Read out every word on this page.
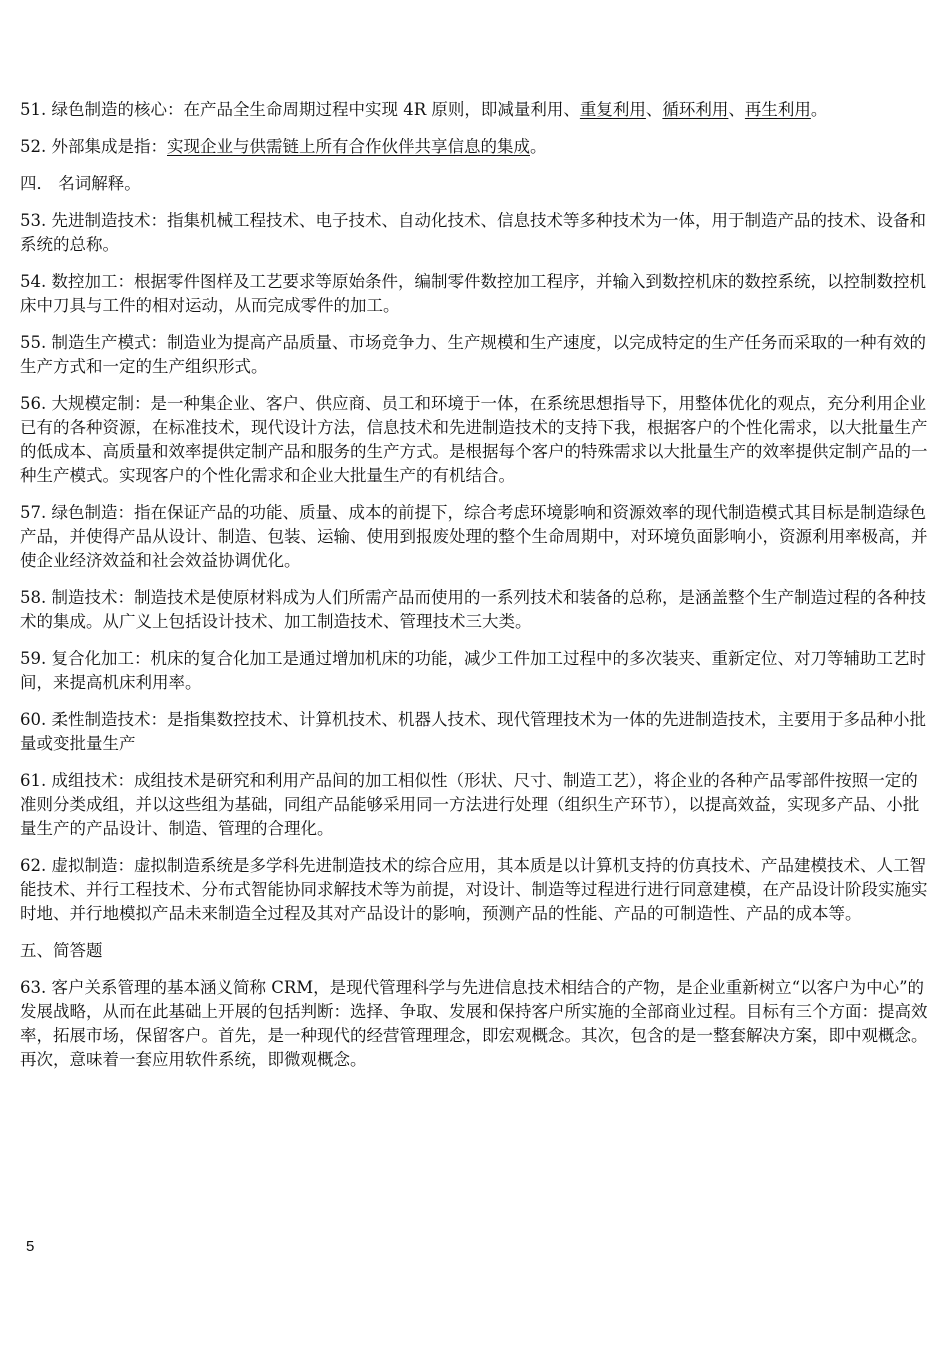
51. 绿色制造的核心：在产品全生命周期过程中实现 4R 原则，即减量利用、重复利用、循环利用、再生利用。

52. 外部集成是指：实现企业与供需链上所有合作伙伴共享信息的集成。

四． 名词解释。

53. 先进制造技术：指集机械工程技术、电子技术、自动化技术、信息技术等多种技术为一体，用于制造产品的技术、设备和系统的总称。

54. 数控加工：根据零件图样及工艺要求等原始条件，编制零件数控加工程序，并输入到数控机床的数控系统，以控制数控机床中刀具与工件的相对运动，从而完成零件的加工。

55. 制造生产模式：制造业为提高产品质量、市场竞争力、生产规模和生产速度，以完成特定的生产任务而采取的一种有效的生产方式和一定的生产组织形式。

56. 大规模定制：是一种集企业、客户、供应商、员工和环境于一体，在系统思想指导下，用整体优化的观点，充分利用企业已有的各种资源，在标准技术，现代设计方法，信息技术和先进制造技术的支持下我，根据客户的个性化需求，以大批量生产的低成本、高质量和效率提供定制产品和服务的生产方式。是根据每个客户的特殊需求以大批量生产的效率提供定制产品的一种生产模式。实现客户的个性化需求和企业大批量生产的有机结合。

57. 绿色制造：指在保证产品的功能、质量、成本的前提下，综合考虑环境影响和资源效率的现代制造模式其目标是制造绿色产品，并使得产品从设计、制造、包装、运输、使用到报废处理的整个生命周期中，对环境负面影响小，资源利用率极高，并使企业经济效益和社会效益协调优化。

58. 制造技术：制造技术是使原材料成为人们所需产品而使用的一系列技术和装备的总称，是涵盖整个生产制造过程的各种技术的集成。从广义上包括设计技术、加工制造技术、管理技术三大类。

59. 复合化加工：机床的复合化加工是通过增加机床的功能，减少工件加工过程中的多次装夹、重新定位、对刀等辅助工艺时间，来提高机床利用率。

60. 柔性制造技术：是指集数控技术、计算机技术、机器人技术、现代管理技术为一体的先进制造技术，主要用于多品种小批量或变批量生产

61. 成组技术：成组技术是研究和利用产品间的加工相似性（形状、尺寸、制造工艺），将企业的各种产品零部件按照一定的准则分类成组，并以这些组为基础，同组产品能够采用同一方法进行处理（组织生产环节），以提高效益，实现多产品、小批量生产的产品设计、制造、管理的合理化。

62. 虚拟制造：虚拟制造系统是多学科先进制造技术的综合应用，其本质是以计算机支持的仿真技术、产品建模技术、人工智能技术、并行工程技术、分布式智能协同求解技术等为前提，对设计、制造等过程进行进行同意建模，在产品设计阶段实施实时地、并行地模拟产品未来制造全过程及其对产品设计的影响，预测产品的性能、产品的可制造性、产品的成本等。

五、简答题

63. 客户关系管理的基本涵义简称 CRM，是现代管理科学与先进信息技术相结合的产物，是企业重新树立“以客户为中心”的发展战略，从而在此基础上开展的包括判断：选择、争取、发展和保持客户所实施的全部商业过程。目标有三个方面：提高效率，拓展市场，保留客户。首先，是一种现代的经营管理理念，即宏观概念。其次，包含的是一整套解决方案，即中观概念。再次，意味着一套应用软件系统，即微观概念。

5
